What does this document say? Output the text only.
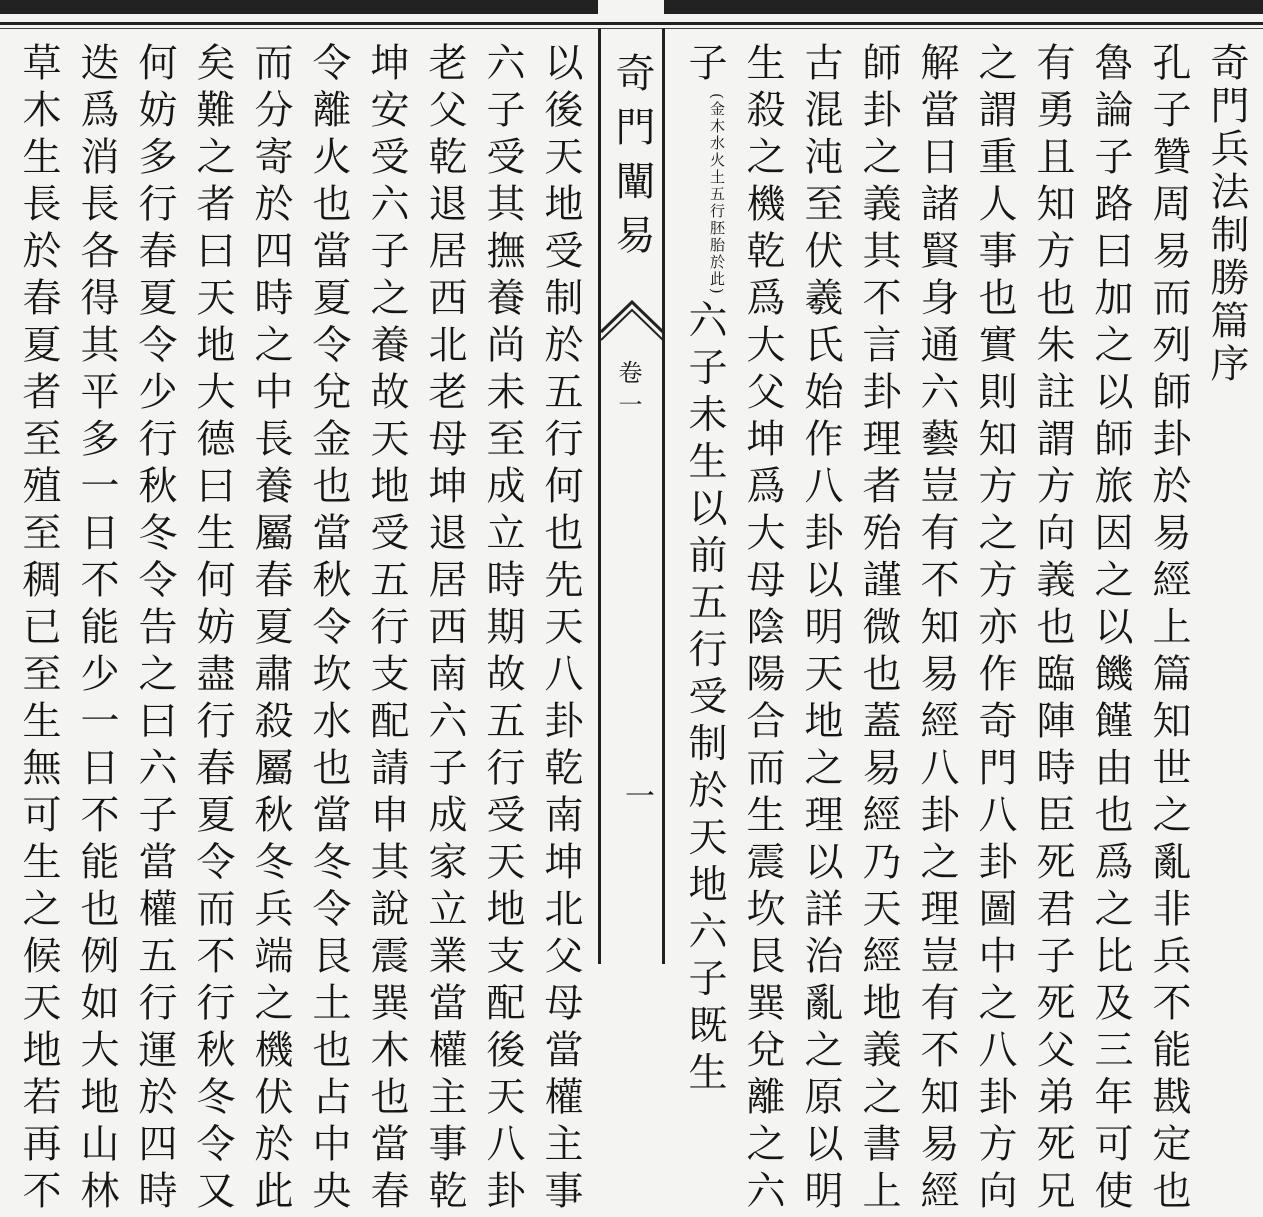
奇門闡易
卷一
一
奇門兵法制勝篇序
孔子贊周易而列師卦於易經上篇知世之亂非兵不能戡定也
魯論子路曰加之以師旅因之以饑饉由也爲之比及三年可使
有勇且知方也朱註謂方向義也臨陣時臣死君子死父弟死兄
之謂重人事也實則知方之方亦作奇門八卦圖中之八卦方向
解當日諸賢身通六藝豈有不知易經八卦之理豈有不知易經
師卦之義其不言卦理者殆謹微也蓋易經乃天經地義之書上
古混沌至伏羲氏始作八卦以明天地之理以詳治亂之原以明
生殺之機乾爲大父坤爲大母陰陽合而生震坎艮巽兌離之六
子(金木水火土五行胚胎於此)六子未生以前五行受制於天地六子既生
以後天地受制於五行何也先天八卦乾南坤北父母當權主事
六子受其撫養尚未至成立時期故五行受天地支配後天八卦
老父乾退居西北老母坤退居西南六子成家立業當權主事乾
坤安受六子之養故天地受五行支配請申其說震巽木也當春
令離火也當夏令兌金也當秋令坎水也當冬令艮土也占中央
而分寄於四時之中長養屬春夏肅殺屬秋冬兵端之機伏於此
矣難之者曰天地大德曰生何妨盡行春夏令而不行秋冬令又
何妨多行春夏令少行秋冬令告之曰六子當權五行運於四時
迭爲消長各得其平多一日不能少一日不能也例如大地山林
草木生長於春夏者至殖至稠已至生無可生之候天地若再不
